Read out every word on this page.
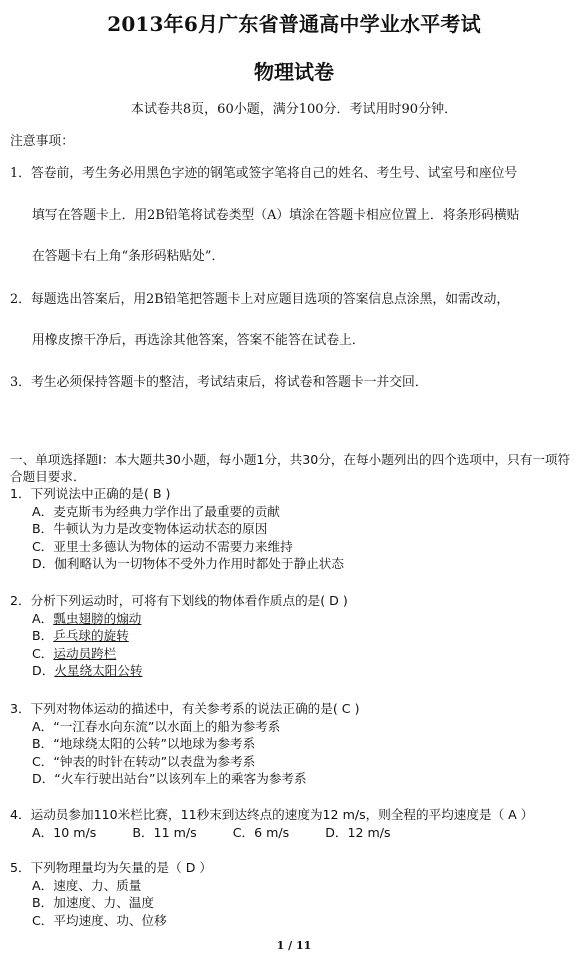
2013年6月广东省普通高中学业水平考试
物理试卷
本试卷共8页，60小题，满分100分．考试用时90分钟．
注意事项：
1．答卷前，考生务必用黑色字迹的钢笔或签字笔将自己的姓名、考生号、试室号和座位号
填写在答题卡上．用2B铅笔将试卷类型（A）填涂在答题卡相应位置上．将条形码横贴
在答题卡右上角“条形码粘贴处”．
2．每题选出答案后，用2B铅笔把答题卡上对应题目选项的答案信息点涂黑，如需改动，
用橡皮擦干净后，再选涂其他答案，答案不能答在试卷上．
3．考生必须保持答题卡的整洁，考试结束后，将试卷和答题卡一并交回．
一、单项选择题Ⅰ：本大题共30小题，每小题1分，共30分，在每小题列出的四个选项中，只有一项符合题目要求．
1．下列说法中正确的是( B )
A．麦克斯韦为经典力学作出了最重要的贡献
B．牛顿认为力是改变物体运动状态的原因
C．亚里士多德认为物体的运动不需要力来维持
D．伽利略认为一切物体不受外力作用时都处于静止状态
2．分析下列运动时，可将有下划线的物体看作质点的是( D )
A．瓢虫翅膀的煽动
B．乒乓球的旋转
C．运动员跨栏
D．火星绕太阳公转
3．下列对物体运动的描述中，有关参考系的说法正确的是( C )
A．“一江春水向东流”以水面上的船为参考系
B．“地球绕太阳的公转”以地球为参考系
C．“钟表的时针在转动”以表盘为参考系
D．“火车行驶出站台”以该列车上的乘客为参考系
4．运动员参加110米栏比赛，11秒末到达终点的速度为12 m/s，则全程的平均速度是（ A ）
A．10 m/s	B．11 m/s	C．6 m/s	D．12 m/s
5．下列物理量均为矢量的是（ D ）
A．速度、力、质量
B．加速度、力、温度
C．平均速度、功、位移
1 / 11
